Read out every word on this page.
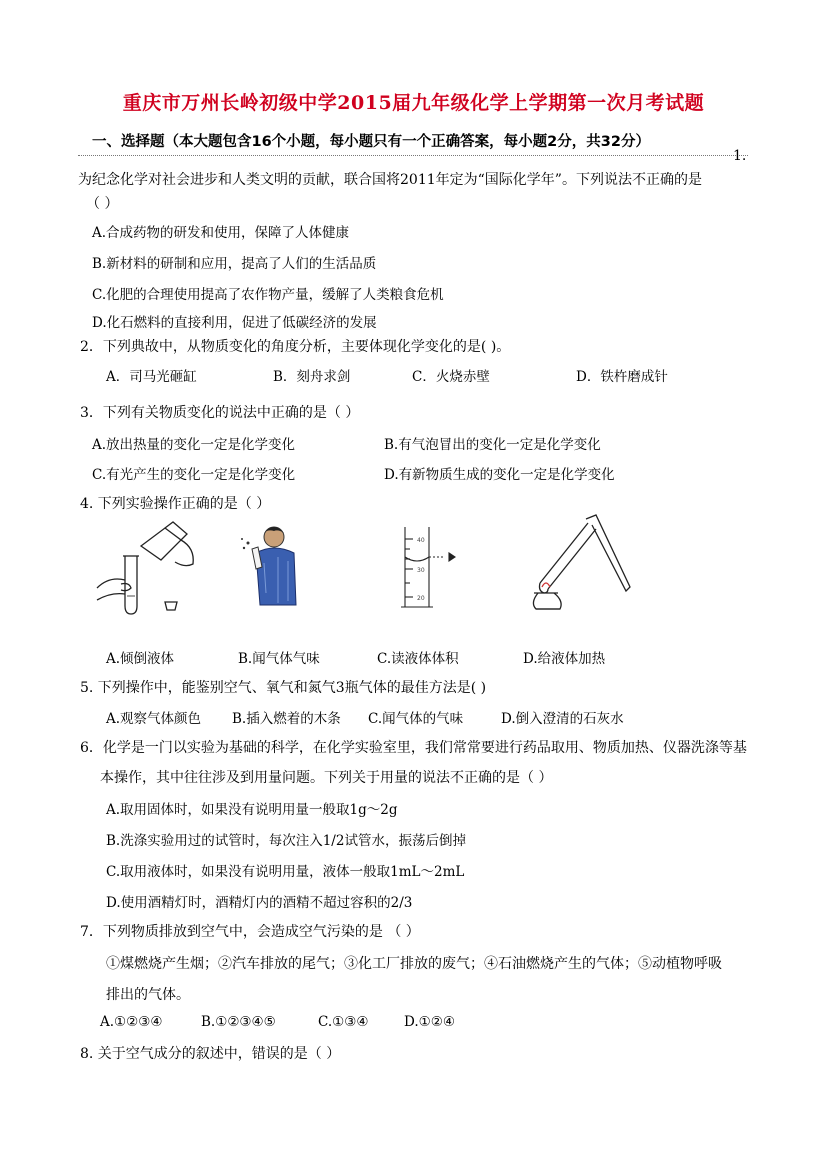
重庆市万州长岭初级中学2015届九年级化学上学期第一次月考试题
一、选择题（本大题包含16个小题，每小题只有一个正确答案，每小题2分，共32分）
1.
为纪念化学对社会进步和人类文明的贡献，联合国将2011年定为“国际化学年”。下列说法不正确的是
（ ）
A.合成药物的研发和使用，保障了人体健康
B.新材料的研制和应用，提高了人们的生活品质
C.化肥的合理使用提高了农作物产量，缓解了人类粮食危机
D.化石燃料的直接利用，促进了低碳经济的发展
2．下列典故中，从物质变化的角度分析，主要体现化学变化的是( )。
A．司马光砸缸	B．刻舟求剑	C．火烧赤壁	D．铁杵磨成针
3．下列有关物质变化的说法中正确的是（ ）
A.放出热量的变化一定是化学变化	B.有气泡冒出的变化一定是化学变化
C.有光产生的变化一定是化学变化	D.有新物质生成的变化一定是化学变化
4. 下列实验操作正确的是（ ）
40
30
20
A.倾倒液体	B.闻气体气味	C.读液体体积	D.给液体加热
5. 下列操作中，能鉴别空气、氧气和氮气3瓶气体的最佳方法是( )
A.观察气体颜色 B.插入燃着的木条 C.闻气体的气味	D.倒入澄清的石灰水
6．化学是一门以实验为基础的科学，在化学实验室里，我们常常要进行药品取用、物质加热、仪器洗涤等基
本操作，其中往往涉及到用量问题。下列关于用量的说法不正确的是（ ）
A.取用固体时，如果没有说明用量一般取1g～2g
B.洗涤实验用过的试管时，每次注入1/2试管水，振荡后倒掉
C.取用液体时，如果没有说明用量，液体一般取1mL～2mL
D.使用酒精灯时，酒精灯内的酒精不超过容积的2/3
7．下列物质排放到空气中，会造成空气污染的是 （ ）
①煤燃烧产生烟；②汽车排放的尾气；③化工厂排放的废气；④石油燃烧产生的气体；⑤动植物呼吸
排出的气体。
A.①②③④	B.①②③④⑤	C.①③④	D.①②④
8. 关于空气成分的叙述中，错误的是（ ）
